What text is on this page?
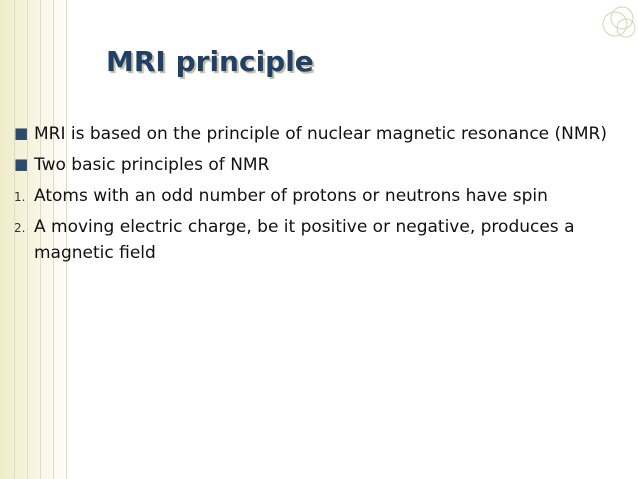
MRI principle
■ MRI is based on the principle of nuclear magnetic resonance (NMR)
■ Two basic principles of NMR
1. Atoms with an odd number of protons or neutrons have spin
2. A moving electric charge, be it positive or negative, produces a magnetic field
